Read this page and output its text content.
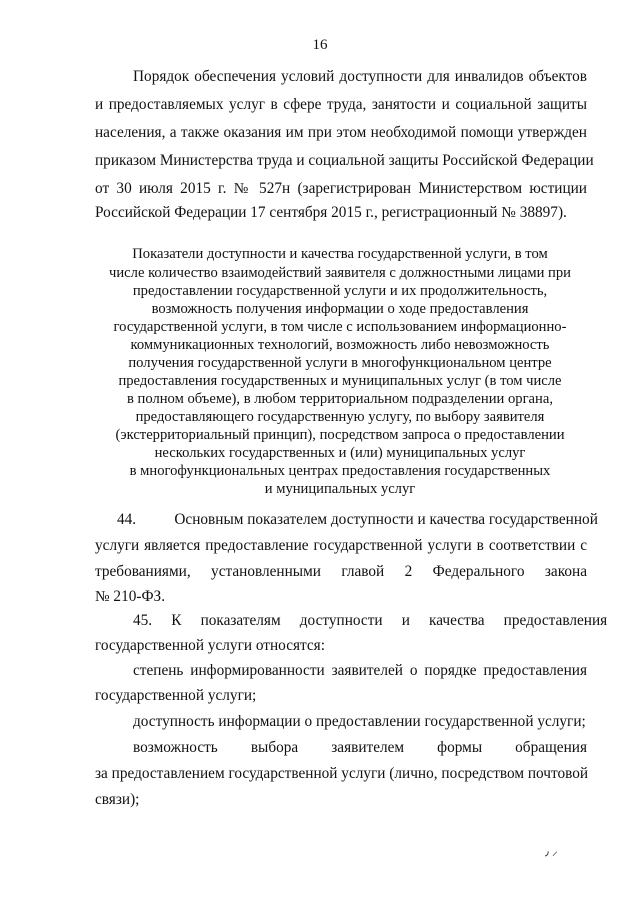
16
Порядок обеспечения условий доступности для инвалидов объектов
и предоставляемых услуг в сфере труда, занятости и социальной защиты
населения, а также оказания им при этом необходимой помощи утвержден
приказом Министерства труда и социальной защиты Российской Федерации
от 30 июля 2015 г. № 527н (зарегистрирован Министерством юстиции
Российской Федерации 17 сентября 2015 г., регистрационный № 38897).
Показатели доступности и качества государственной услуги, в том
числе количество взаимодействий заявителя с должностными лицами при
предоставлении государственной услуги и их продолжительность,
возможность получения информации о ходе предоставления
государственной услуги, в том числе с использованием информационно-
коммуникационных технологий, возможность либо невозможность
получения государственной услуги в многофункциональном центре
предоставления государственных и муниципальных услуг (в том числе
в полном объеме), в любом территориальном подразделении органа,
предоставляющего государственную услугу, по выбору заявителя
(экстерриториальный принцип), посредством запроса о предоставлении
нескольких государственных и (или) муниципальных услуг
в многофункциональных центрах предоставления государственных
и муниципальных услуг
44.          Основным показателем доступности и качества государственной
услуги является предоставление государственной услуги в соответствии с
требованиями,     установленными     главой     2     Федерального     закона
№ 210-ФЗ.
45.     К     показателям     доступности     и     качества     предоставления
государственной услуги относятся:
степень информированности заявителей о порядке предоставления
государственной услуги;
доступность информации о предоставлении государственной услуги;
возможность выбора заявителем формы обращения
за предоставлением государственной услуги (лично, посредством почтовой
связи);
٫ ⸝
